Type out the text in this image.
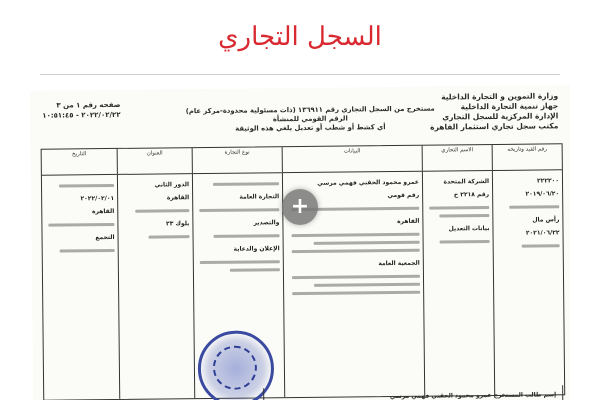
السجل التجاري
وزارة التموين و التجارة الداخلية
جهاز تنمية التجارة الداخلية
الإدارة المركزية للسجل التجاري
مكتب سجل تجاري استثمار القاهرة
مستخرج من السجل التجاري رقم ١٣٦٩١١ (ذات مسئولية محدودة-مركز عام)
الرقم القومي للمنشأة
أي كشط أو شطب أو تعديل يلغي هذه الوثيقة
صفحه رقم ١ من ٣
٢٠٢٢/٠٢/٢٢ - ١٠:٥١:٤٥
رقم القيد وتاريخه
٢٢٢٢٠٠
٢٠١٩/٠٦/٢٠
رأس مال
٢٠٢١/٠٦/٢٢
الاسم التجاري
الشركة المتحدة
رقم ٢٢١٨ ح
بيانات التعديل
البيانات
عمرو محمود الحقني فهمي مرسي
رقم قومي
القاهرة
الجمعية العامة
نوع التجارة
التجارة العامة
والتصدير
الإعلان والدعاية
العنوان
الدور الثاني
القاهرة
بلوك ٢٣
التاريخ
٢٠٢٢/٠٢/٠١
القاهرة
التجمع
إسم طالب المستخرج عمرو محمود الحقني فهمي مرسي
+
